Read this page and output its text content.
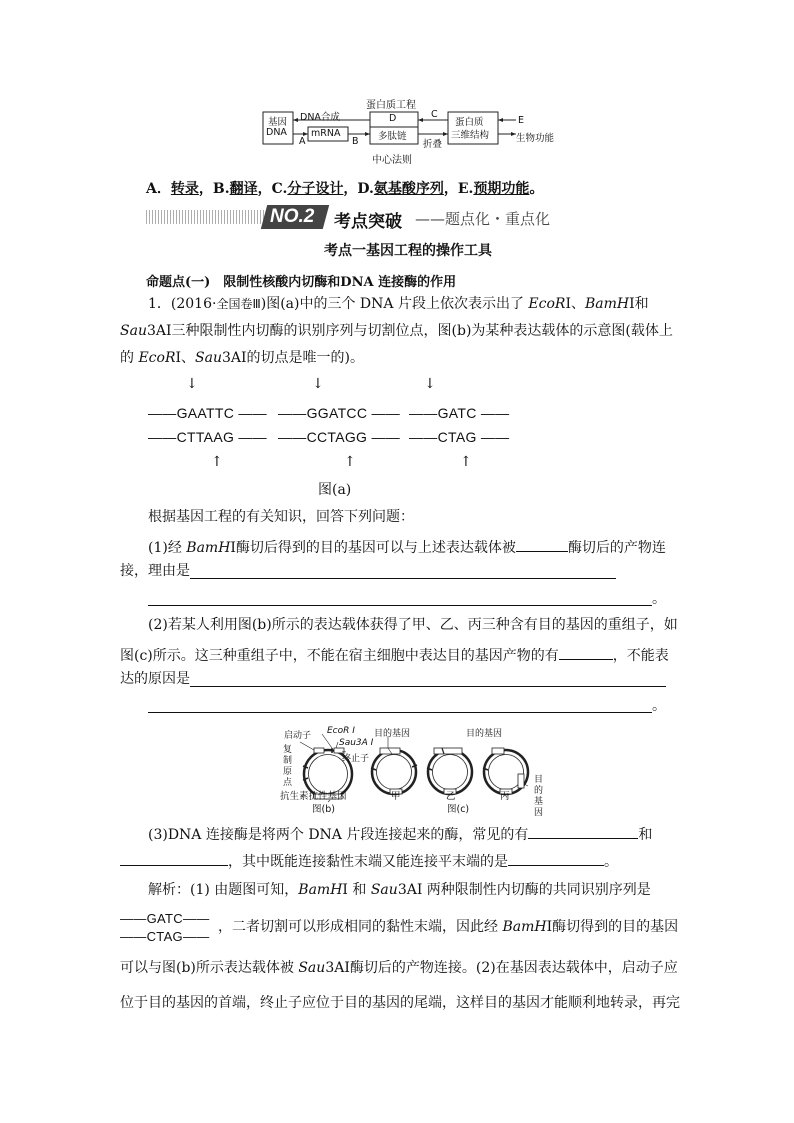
蛋白质工程
基因
DNA
DNA合成
mRNA
D
多肽链
C
蛋白质
三维结构
E
A	B	折叠
生物功能
中心法则
A．转录，B.翻译，C.分子设计，D.氨基酸序列，E.预期功能。
NO.2 考点突破 ——题点化・重点化
考点一基因工程的操作工具
命题点(一)　限制性核酸内切酶和DNA 连接酶的作用
1．(2016·全国卷Ⅲ)图(a)中的三个 DNA 片段上依次表示出了 EcoRⅠ、BamHⅠ和
Sau3AⅠ三种限制性内切酶的识别序列与切割位点，图(b)为某种表达载体的示意图(载体上
的 EcoRⅠ、Sau3AⅠ的切点是唯一的)。
↓	↓	↓
——GAATTC ——
——CTTAAG ——
——GGATCC ——
——CCTAGG ——
——GATC ——
——CTAG ——
↑	↑	↑
图(a)
根据基因工程的有关知识，回答下列问题：
(1)经 BamHⅠ酶切后得到的目的基因可以与上述表达载体被	酶切后的产物连
接，理由是
。
(2)若某人利用图(b)所示的表达载体获得了甲、乙、丙三种含有目的基因的重组子，如
图(c)所示。这三种重组子中，不能在宿主细胞中表达目的基因产物的有	，不能表
达的原因是
。
启动子 EcoR Ⅰ
Sau3A Ⅰ
终止子
复
制
原
点
抗生素抗性基因
图(b)
目的基因	目的基因
目
的
基
因
甲	乙	丙
图(c)
(3)DNA 连接酶是将两个 DNA 片段连接起来的酶，常见的有	和
，其中既能连接黏性末端又能连接平末端的是	。
解析：(1) 由题图可知，BamHⅠ 和 Sau3AⅠ 两种限制性内切酶的共同识别序列是
——GATC——
——CTAG——
，二者切割可以形成相同的黏性末端，因此经 BamHⅠ酶切得到的目的基因
可以与图(b)所示表达载体被 Sau3AⅠ酶切后的产物连接。(2)在基因表达载体中，启动子应
位于目的基因的首端，终止子应位于目的基因的尾端，这样目的基因才能顺利地转录，再完
